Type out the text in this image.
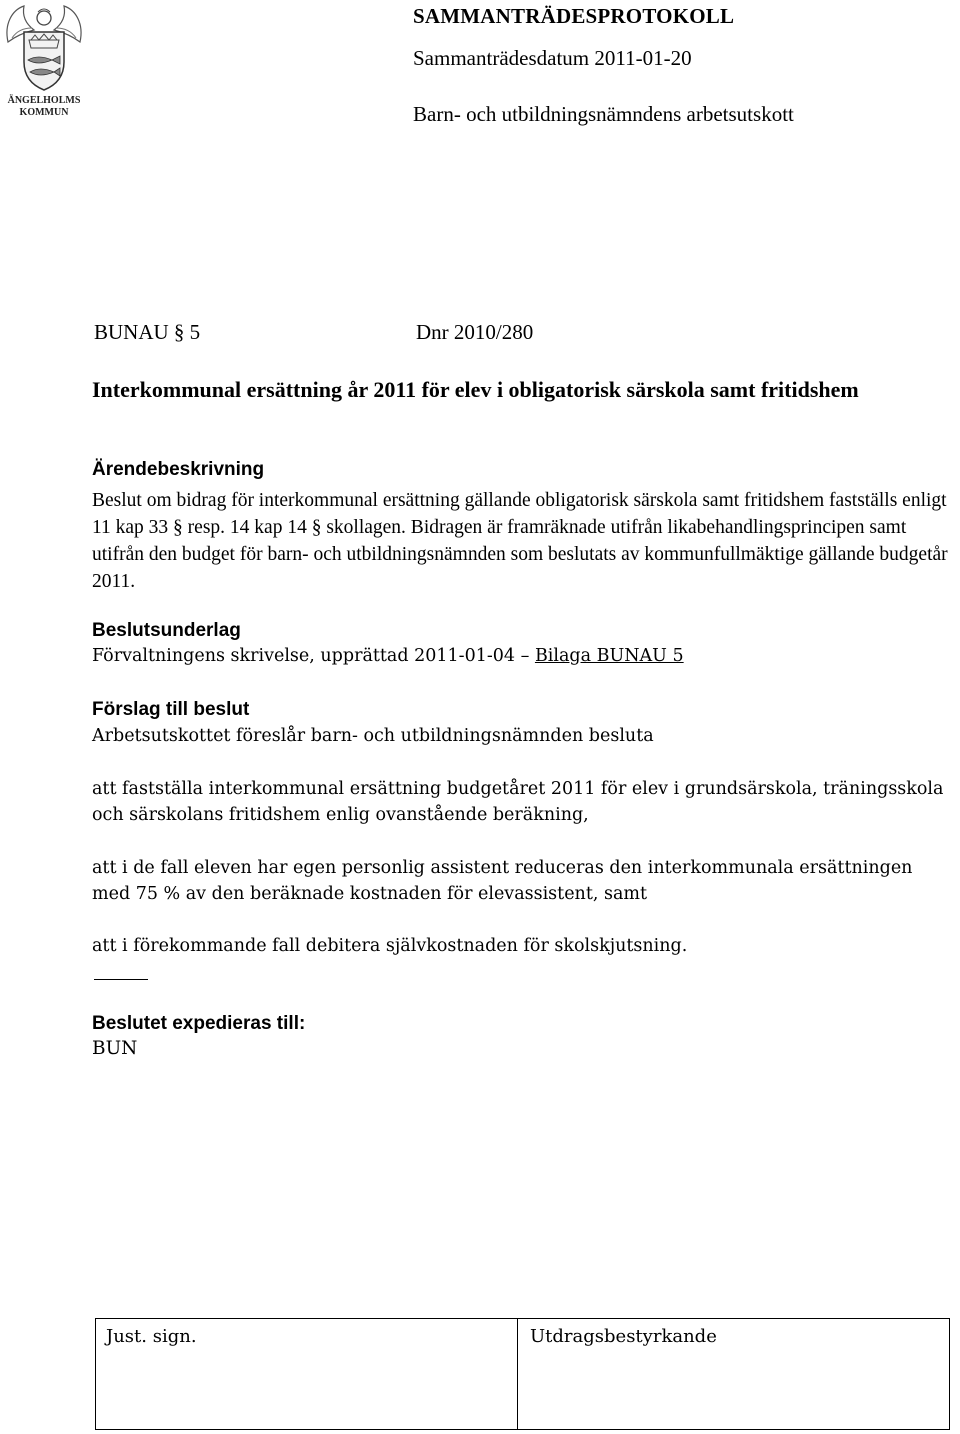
ÄNGELHOLMS
KOMMUN
SAMMANTRÄDESPROTOKOLL
Sammanträdesdatum 2011-01-20
Barn- och utbildningsnämndens arbetsutskott
BUNAU § 5	Dnr 2010/280
Interkommunal ersättning år 2011 för elev i obligatorisk särskola samt fritidshem
Ärendebeskrivning
Beslut om bidrag för interkommunal ersättning gällande obligatorisk särskola samt fritidshem fastställs enligt 11 kap 33 § resp. 14 kap 14 § skollagen. Bidragen är framräknade utifrån likabehandlingsprincipen samt utifrån den budget för barn- och utbildningsnämnden som beslutats av kommunfullmäktige gällande budgetår 2011.
Beslutsunderlag
Förvaltningens skrivelse, upprättad 2011-01-04 – Bilaga BUNAU 5
Förslag till beslut
Arbetsutskottet föreslår barn- och utbildningsnämnden besluta
att fastställa interkommunal ersättning budgetåret 2011 för elev i grundsärskola, träningsskola och särskolans fritidshem enlig ovanstående beräkning,
att i de fall eleven har egen personlig assistent reduceras den interkommunala ersättningen med 75 % av den beräknade kostnaden för elevassistent, samt
att i förekommande fall debitera självkostnaden för skolskjutsning.
Beslutet expedieras till:
BUN
Just. sign.	Utdragsbestyrkande
